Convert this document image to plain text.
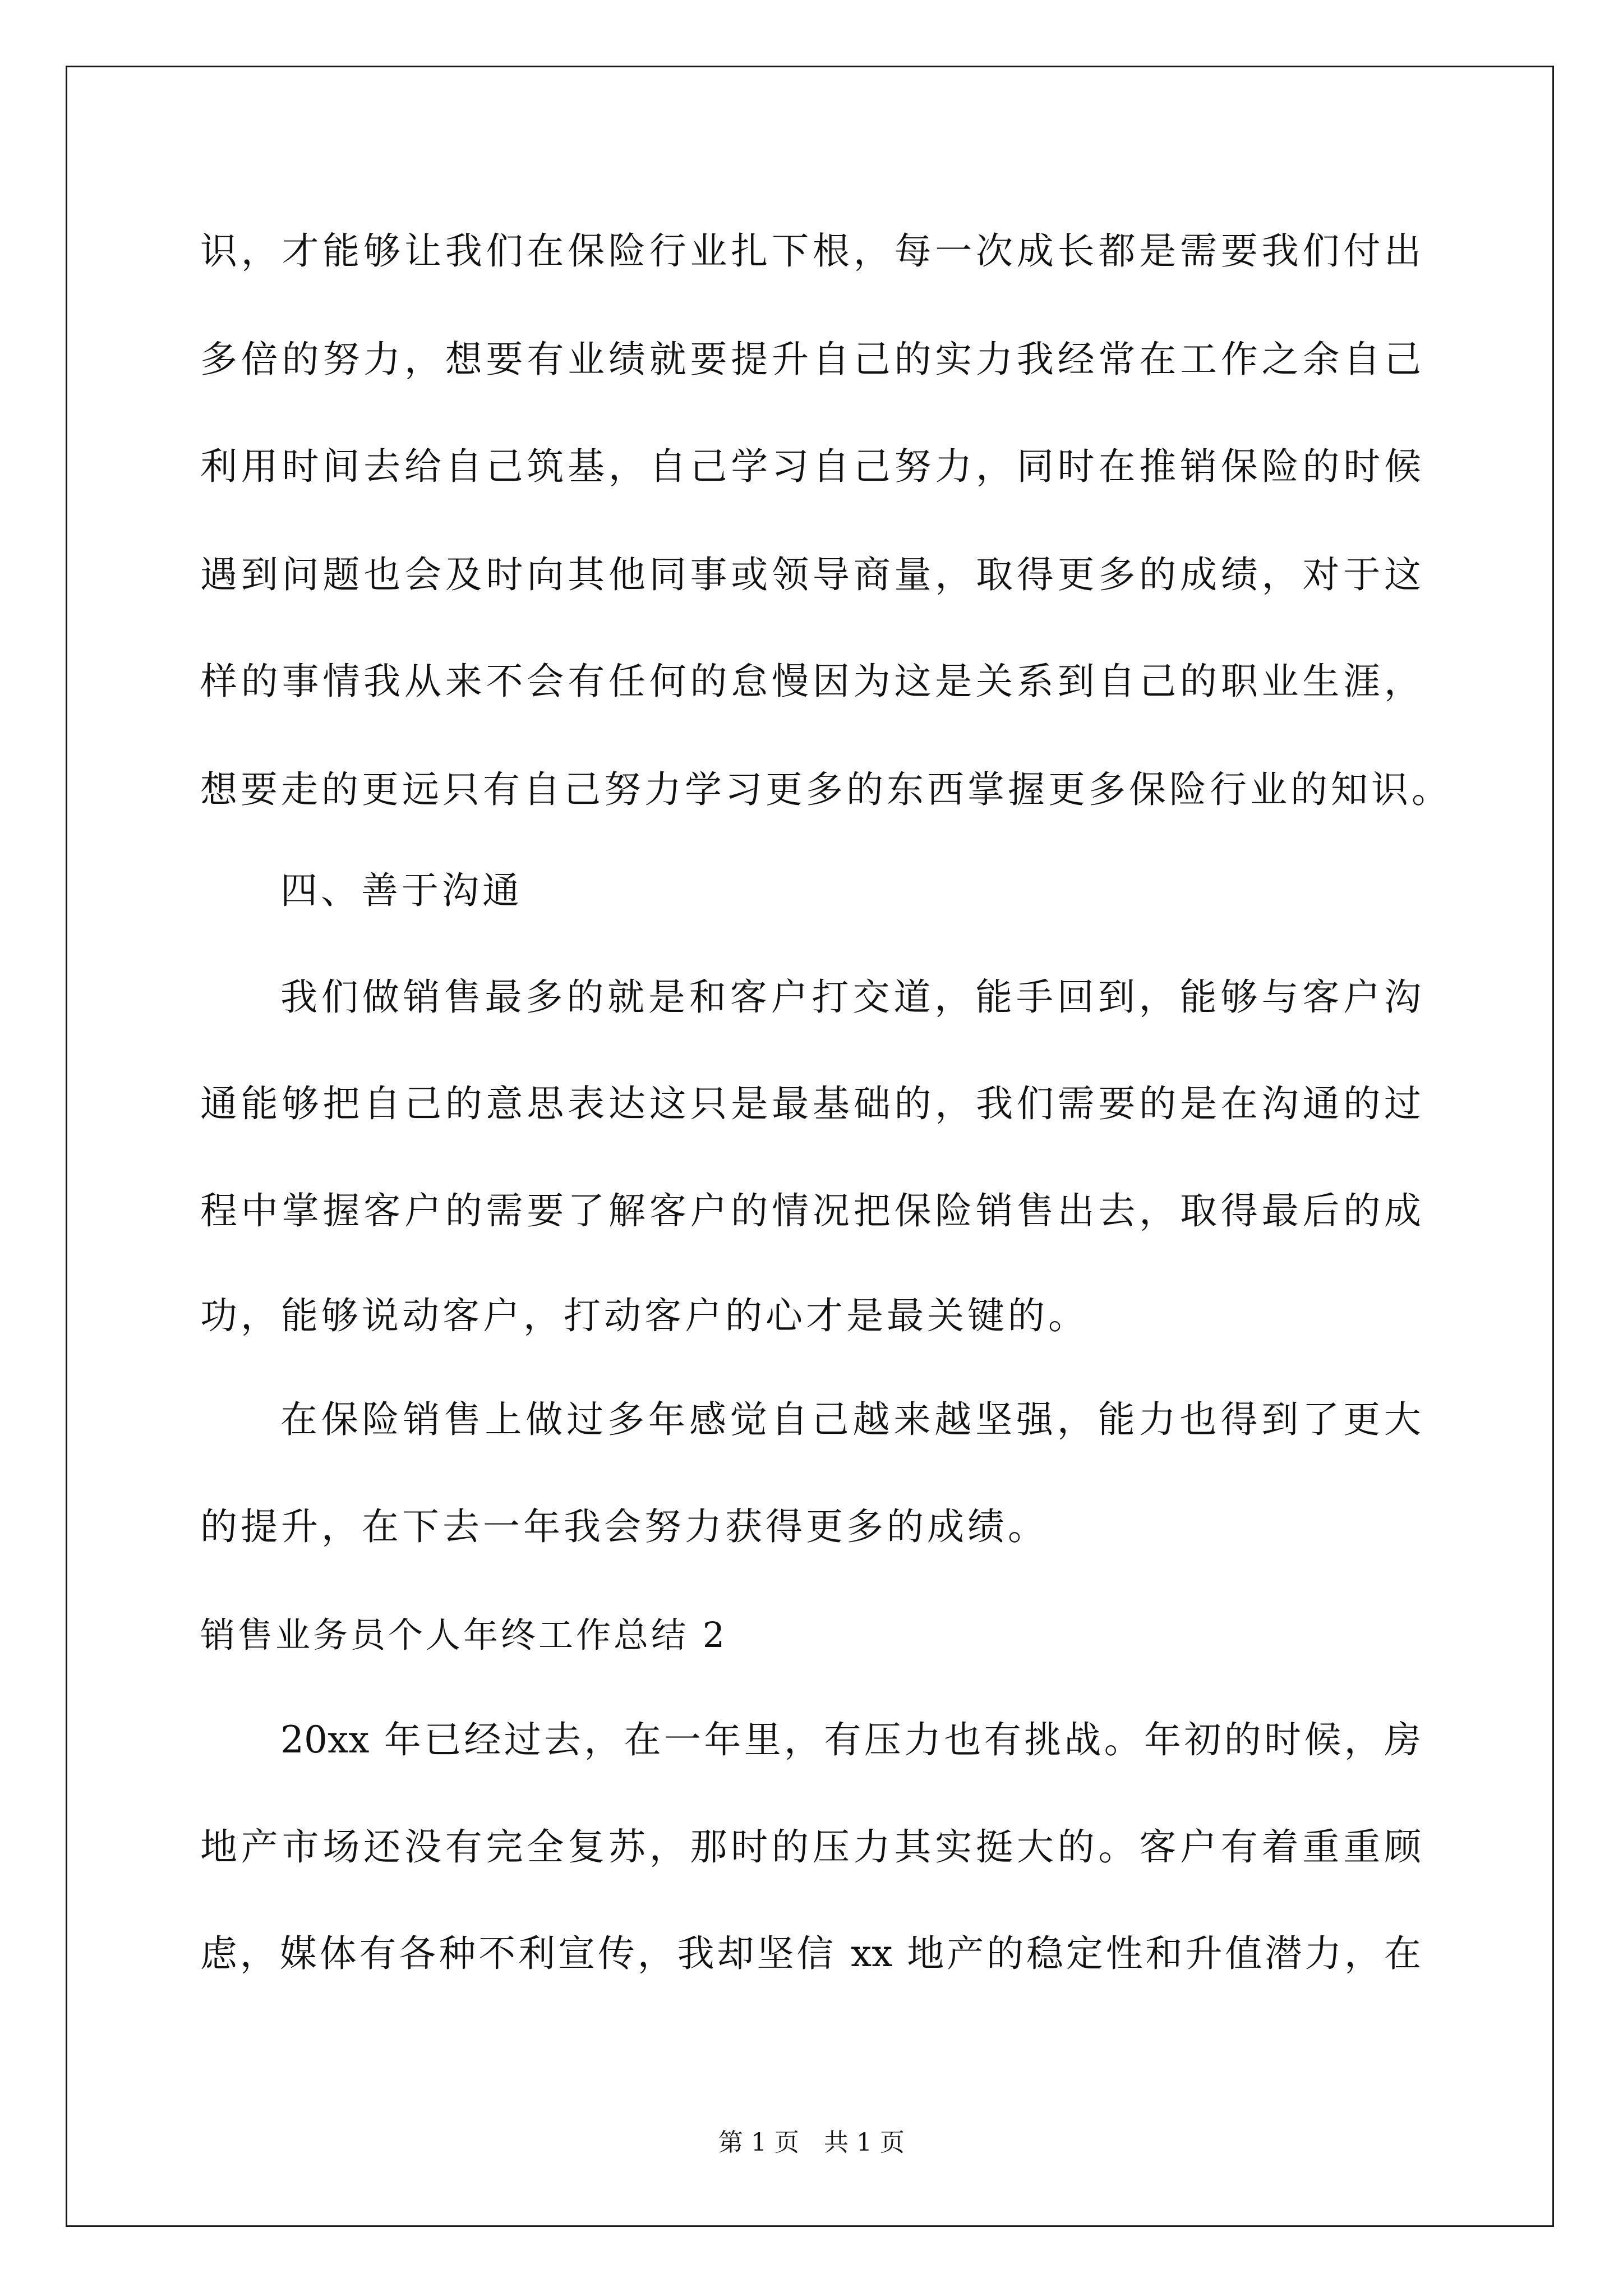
识，才能够让我们在保险行业扎下根，每一次成长都是需要我们付出
多倍的努力，想要有业绩就要提升自己的实力我经常在工作之余自己
利用时间去给自己筑基，自己学习自己努力，同时在推销保险的时候
遇到问题也会及时向其他同事或领导商量，取得更多的成绩，对于这
样的事情我从来不会有任何的怠慢因为这是关系到自己的职业生涯，
想要走的更远只有自己努力学习更多的东西掌握更多保险行业的知识。
四、善于沟通
我们做销售最多的就是和客户打交道，能手回到，能够与客户沟
通能够把自己的意思表达这只是最基础的，我们需要的是在沟通的过
程中掌握客户的需要了解客户的情况把保险销售出去，取得最后的成
功，能够说动客户，打动客户的心才是最关键的。
在保险销售上做过多年感觉自己越来越坚强，能力也得到了更大
的提升，在下去一年我会努力获得更多的成绩。
销售业务员个人年终工作总结 2
20xx 年已经过去，在一年里，有压力也有挑战。年初的时候，房
地产市场还没有完全复苏，那时的压力其实挺大的。客户有着重重顾
虑，媒体有各种不利宣传，我却坚信 xx 地产的稳定性和升值潜力，在
第 1 页　共 1 页
